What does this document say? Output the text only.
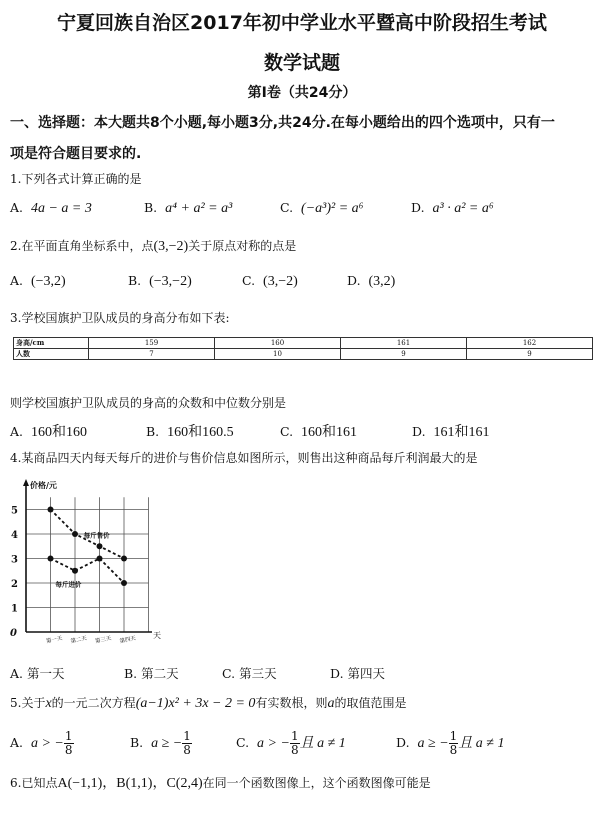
宁夏回族自治区2017年初中学业水平暨高中阶段招生考试
数学试题
第Ⅰ卷（共24分）
一、选择题：本大题共8个小题,每小题3分,共24分.在每小题给出的四个选项中，只有一
项是符合题目要求的.
1.下列各式计算正确的是
A. 4a − a = 3	B. a⁴ + a² = a³	C. (−a³)² = a⁶	D. a³ · a² = a⁶
2.在平面直角坐标系中，点(3,−2)关于原点对称的点是
A. (−3,2)	B. (−3,−2)	C. (3,−2)	D. (3,2)
3.学校国旗护卫队成员的身高分布如下表:
身高/cm	159	160	161	162
人数	7	10	9	9
则学校国旗护卫队成员的身高的众数和中位数分别是
A. 160和160	B. 160和160.5	C. 160和161	D. 161和161
4.某商品四天内每天每斤的进价与售价信息如图所示，则售出这种商品每斤利润最大的是
1
2
3
4
5
0
价格/元
天
第一天 第二天 第三天 第四天
每斤售价
每斤进价
A. 第一天	B. 第二天	C. 第三天	D. 第四天
5.关于x的一元二次方程(a−1)x² + 3x − 2 = 0有实数根，则a的取值范围是
A. a > − $\frac{1}{8}$	B. a ≥ − $\frac{1}{8}$	C. a > − $\frac{1}{8}$ 且 a ≠ 1	D. a ≥ − $\frac{1}{8}$ 且 a ≠ 1
6.已知点A(−1,1)，B(1,1)，C(2,4)在同一个函数图像上，这个函数图像可能是
